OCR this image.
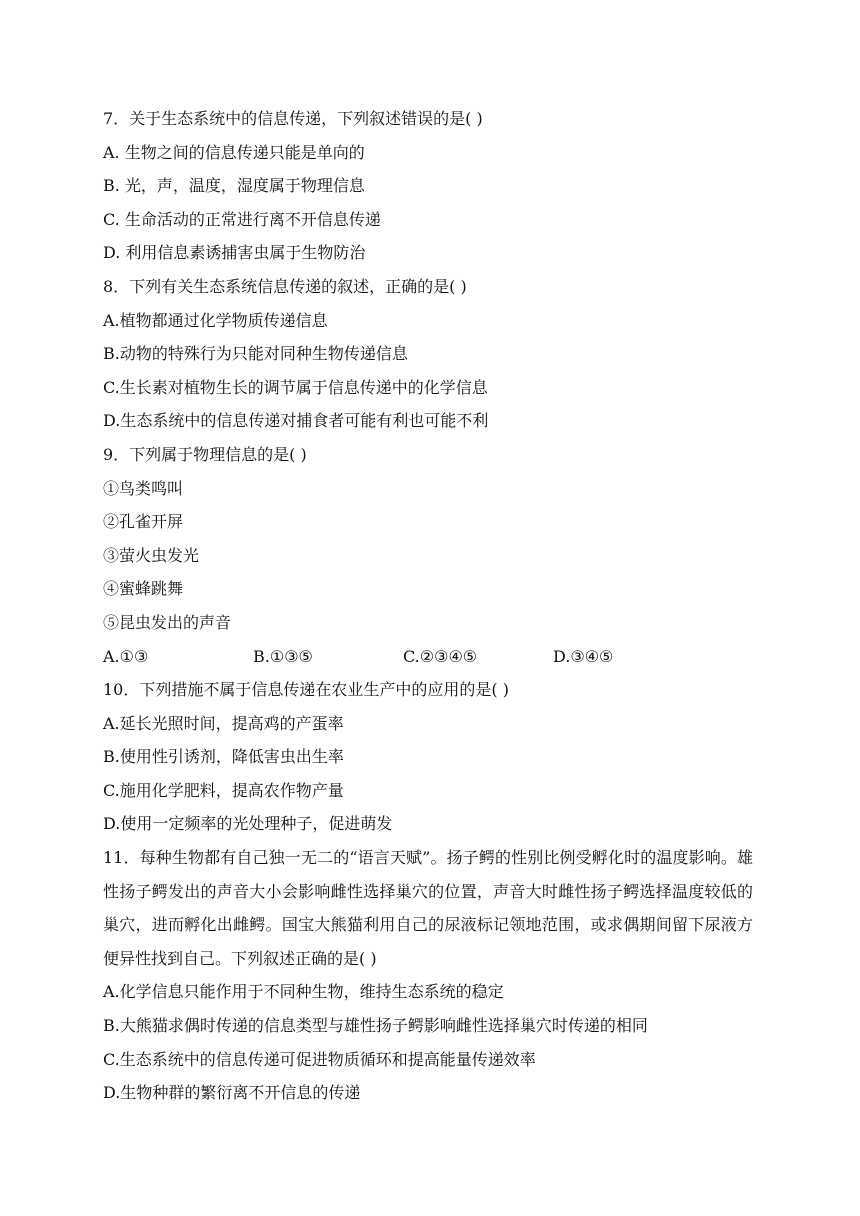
7．关于生态系统中的信息传递，下列叙述错误的是( )
A. 生物之间的信息传递只能是单向的
B. 光，声，温度，湿度属于物理信息
C. 生命活动的正常进行离不开信息传递
D. 利用信息素诱捕害虫属于生物防治
8．下列有关生态系统信息传递的叙述，正确的是( )
A.植物都通过化学物质传递信息
B.动物的特殊行为只能对同种生物传递信息
C.生长素对植物生长的调节属于信息传递中的化学信息
D.生态系统中的信息传递对捕食者可能有利也可能不利
9．下列属于物理信息的是( )
①鸟类鸣叫
②孔雀开屏
③萤火虫发光
④蜜蜂跳舞
⑤昆虫发出的声音
A.①③	B.①③⑤	C.②③④⑤	D.③④⑤
10．下列措施不属于信息传递在农业生产中的应用的是( )
A.延长光照时间，提高鸡的产蛋率
B.使用性引诱剂，降低害虫出生率
C.施用化学肥料，提高农作物产量
D.使用一定频率的光处理种子，促进萌发
11．每种生物都有自己独一无二的“语言天赋”。扬子鳄的性别比例受孵化时的温度影响。雄性扬子鳄发出的声音大小会影响雌性选择巢穴的位置，声音大时雌性扬子鳄选择温度较低的巢穴，进而孵化出雌鳄。国宝大熊猫利用自己的尿液标记领地范围，或求偶期间留下尿液方便异性找到自己。下列叙述正确的是( )
A.化学信息只能作用于不同种生物，维持生态系统的稳定
B.大熊猫求偶时传递的信息类型与雄性扬子鳄影响雌性选择巢穴时传递的相同
C.生态系统中的信息传递可促进物质循环和提高能量传递效率
D.生物种群的繁衍离不开信息的传递
